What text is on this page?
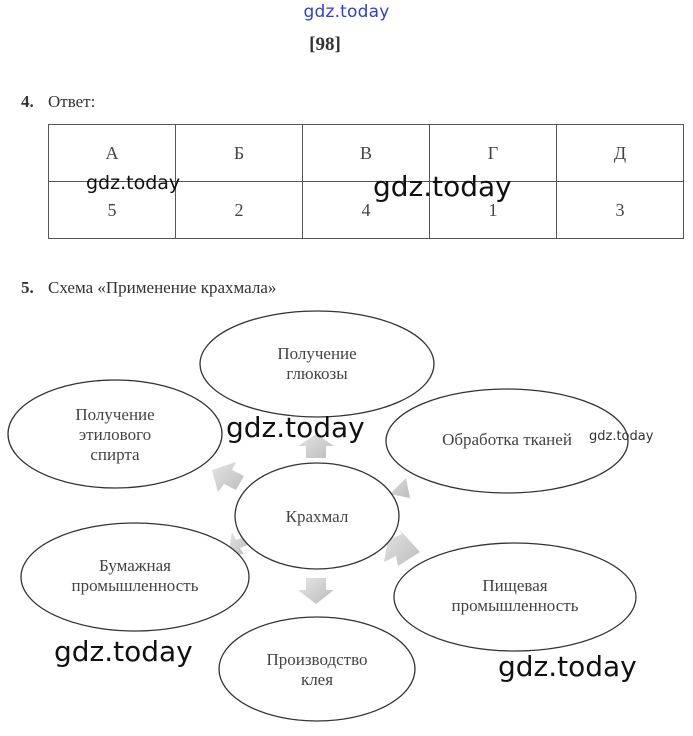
gdz.today
[98]
4. Ответ:
А	Б	В	Г	Д
5	2	4	1	3
gdz.today	gdz.today
5. Схема «Применение крахмала»
Получение
глюкозы
Обработка тканей
Пищевая
промышленность
Производство
клея
Бумажная
промышленность
Получение
этилового
спирта
Крахмал
gdz.today	gdz.today
gdz.today	gdz.today
